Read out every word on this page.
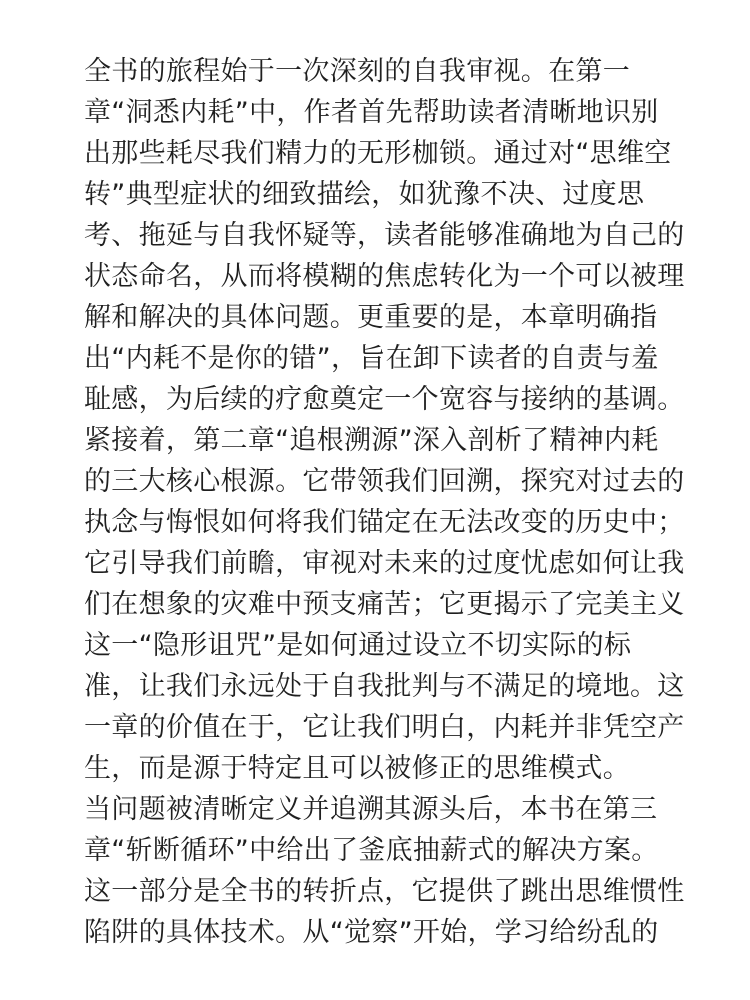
全书的旅程始于一次深刻的自我审视。在第一
章“洞悉内耗”中，作者首先帮助读者清晰地识别
出那些耗尽我们精力的无形枷锁。通过对“思维空
转”典型症状的细致描绘，如犹豫不决、过度思
考、拖延与自我怀疑等，读者能够准确地为自己的
状态命名，从而将模糊的焦虑转化为一个可以被理
解和解决的具体问题。更重要的是，本章明确指
出“内耗不是你的错”，旨在卸下读者的自责与羞
耻感，为后续的疗愈奠定一个宽容与接纳的基调。
紧接着，第二章“追根溯源”深入剖析了精神内耗
的三大核心根源。它带领我们回溯，探究对过去的
执念与悔恨如何将我们锚定在无法改变的历史中；
它引导我们前瞻，审视对未来的过度忧虑如何让我
们在想象的灾难中预支痛苦；它更揭示了完美主义
这一“隐形诅咒”是如何通过设立不切实际的标
准，让我们永远处于自我批判与不满足的境地。这
一章的价值在于，它让我们明白，内耗并非凭空产
生，而是源于特定且可以被修正的思维模式。
当问题被清晰定义并追溯其源头后，本书在第三
章“斩断循环”中给出了釜底抽薪式的解决方案。
这一部分是全书的转折点，它提供了跳出思维惯性
陷阱的具体技术。从“觉察”开始，学习给纷乱的
